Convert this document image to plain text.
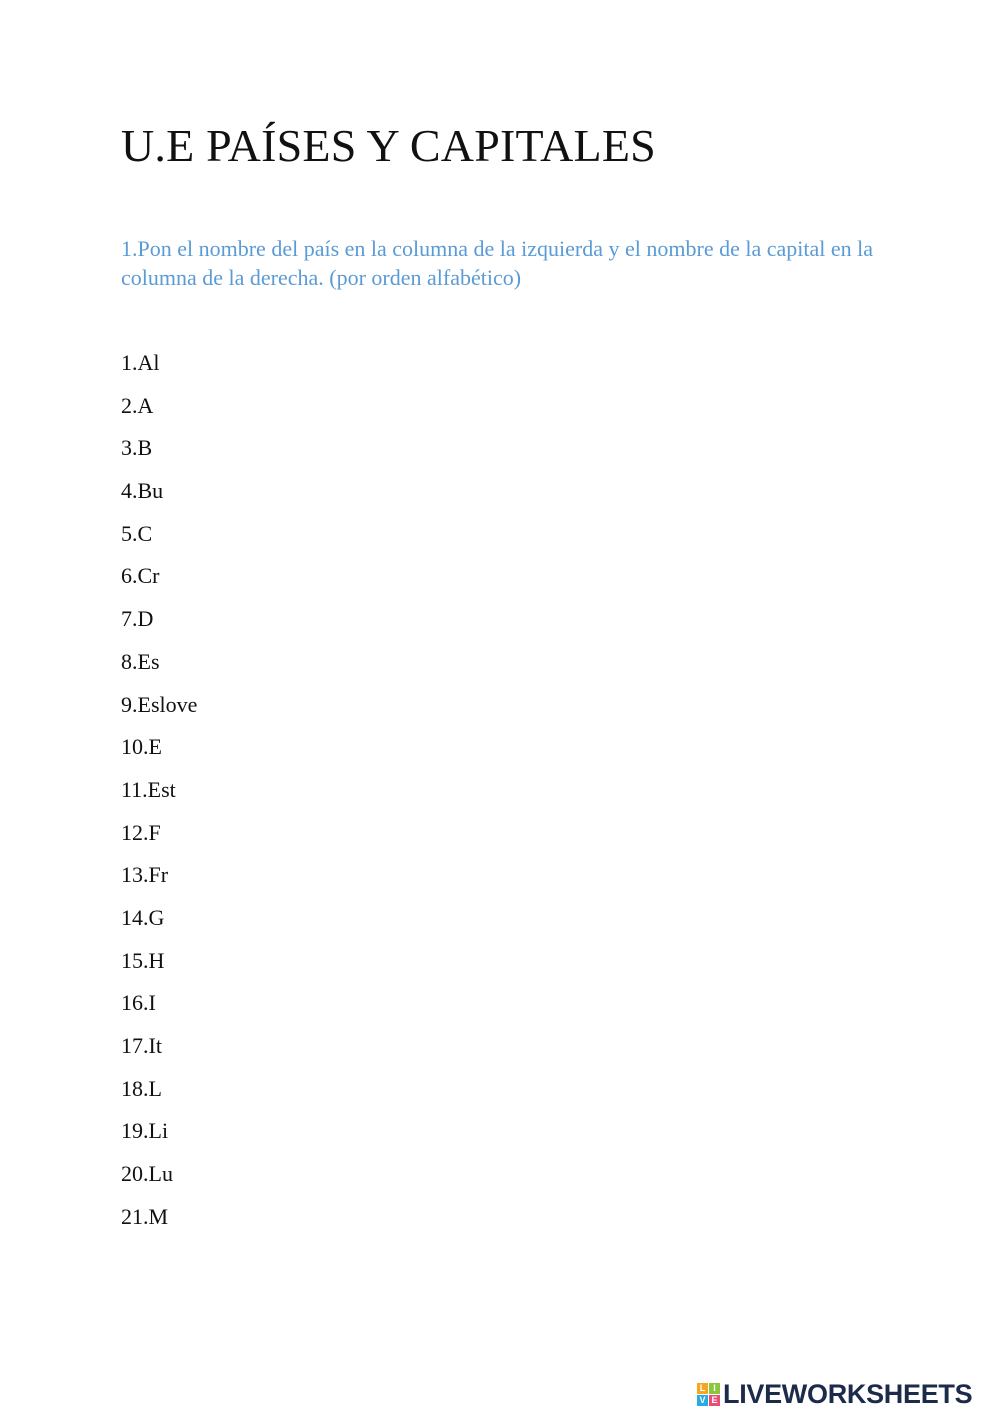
U.E PAÍSES Y CAPITALES

1.Pon el nombre del país en la columna de la izquierda y el nombre de la capital en la columna de la derecha. (por orden alfabético)

1.Al
2.A
3.B
4.Bu
5.C
6.Cr
7.D
8.Es
9.Eslove
10.E
11.Est
12.F
13.Fr
14.G
15.H
16.I
17.It
18.L
19.Li
20.Lu
21.M
L I
V E LIVEWORKSHEETS
